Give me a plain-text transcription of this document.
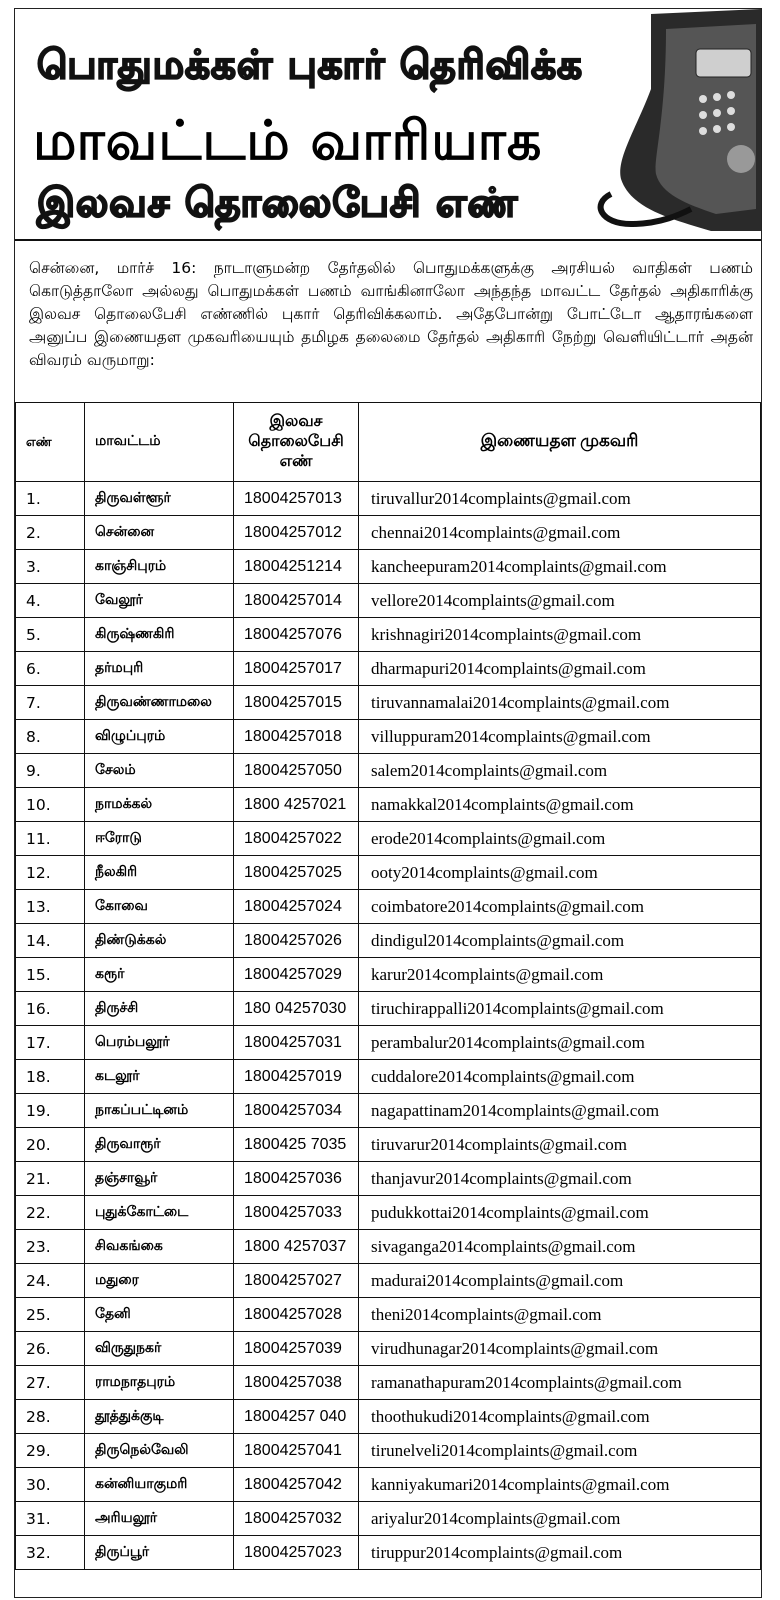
பொதுமக்கள் புகார் தெரிவிக்க
மாவட்டம் வாரியாக
இலவச தொலைபேசி எண்

சென்னை, மார்ச் 16: நாடாளுமன்ற தேர்தலில் பொதுமக்களுக்கு அரசியல் வாதிகள் பணம் கொடுத்தாலோ அல்லது பொதுமக்கள் பணம் வாங்கினாலோ அந்தந்த மாவட்ட தேர்தல் அதிகாரிக்கு இலவச தொலைபேசி எண்ணில் புகார் தெரிவிக்கலாம். அதேபோன்று போட்டோ ஆதாரங்களை அனுப்ப இணையதள முகவரியையும் தமிழக தலைமை தேர்தல் அதிகாரி நேற்று வெளியிட்டார் அதன் விவரம் வருமாறு:

எண்	மாவட்டம்	இலவச தொலைபேசி எண்	இணையதள முகவரி
1.	திருவள்ளூர்	18004257013	tiruvallur2014complaints@gmail.com
2.	சென்னை	18004257012	chennai2014complaints@gmail.com
3.	காஞ்சிபுரம்	18004251214	kancheepuram2014complaints@gmail.com
4.	வேலூர்	18004257014	vellore2014complaints@gmail.com
5.	கிருஷ்ணகிரி	18004257076	krishnagiri2014complaints@gmail.com
6.	தர்மபுரி	18004257017	dharmapuri2014complaints@gmail.com
7.	திருவண்ணாமலை	18004257015	tiruvannamalai2014complaints@gmail.com
8.	விழுப்புரம்	18004257018	villuppuram2014complaints@gmail.com
9.	சேலம்	18004257050	salem2014complaints@gmail.com
10.	நாமக்கல்	1800 4257021	namakkal2014complaints@gmail.com
11.	ஈரோடு	18004257022	erode2014complaints@gmail.com
12.	நீலகிரி	18004257025	ooty2014complaints@gmail.com
13.	கோவை	18004257024	coimbatore2014complaints@gmail.com
14.	திண்டுக்கல்	18004257026	dindigul2014complaints@gmail.com
15.	கரூர்	18004257029	karur2014complaints@gmail.com
16.	திருச்சி	180 04257030	tiruchirappalli2014complaints@gmail.com
17.	பெரம்பலூர்	18004257031	perambalur2014complaints@gmail.com
18.	கடலூர்	18004257019	cuddalore2014complaints@gmail.com
19.	நாகப்பட்டினம்	18004257034	nagapattinam2014complaints@gmail.com
20.	திருவாரூர்	1800425 7035	tiruvarur2014complaints@gmail.com
21.	தஞ்சாவூர்	18004257036	thanjavur2014complaints@gmail.com
22.	புதுக்கோட்டை	18004257033	pudukkottai2014complaints@gmail.com
23.	சிவகங்கை	1800 4257037	sivaganga2014complaints@gmail.com
24.	மதுரை	18004257027	madurai2014complaints@gmail.com
25.	தேனி	18004257028	theni2014complaints@gmail.com
26.	விருதுநகர்	18004257039	virudhunagar2014complaints@gmail.com
27.	ராமநாதபுரம்	18004257038	ramanathapuram2014complaints@gmail.com
28.	தூத்துக்குடி	18004257 040	thoothukudi2014complaints@gmail.com
29.	திருநெல்வேலி	18004257041	tirunelveli2014complaints@gmail.com
30.	கன்னியாகுமரி	18004257042	kanniyakumari2014complaints@gmail.com
31.	அரியலூர்	18004257032	ariyalur2014complaints@gmail.com
32.	திருப்பூர்	18004257023	tiruppur2014complaints@gmail.com
